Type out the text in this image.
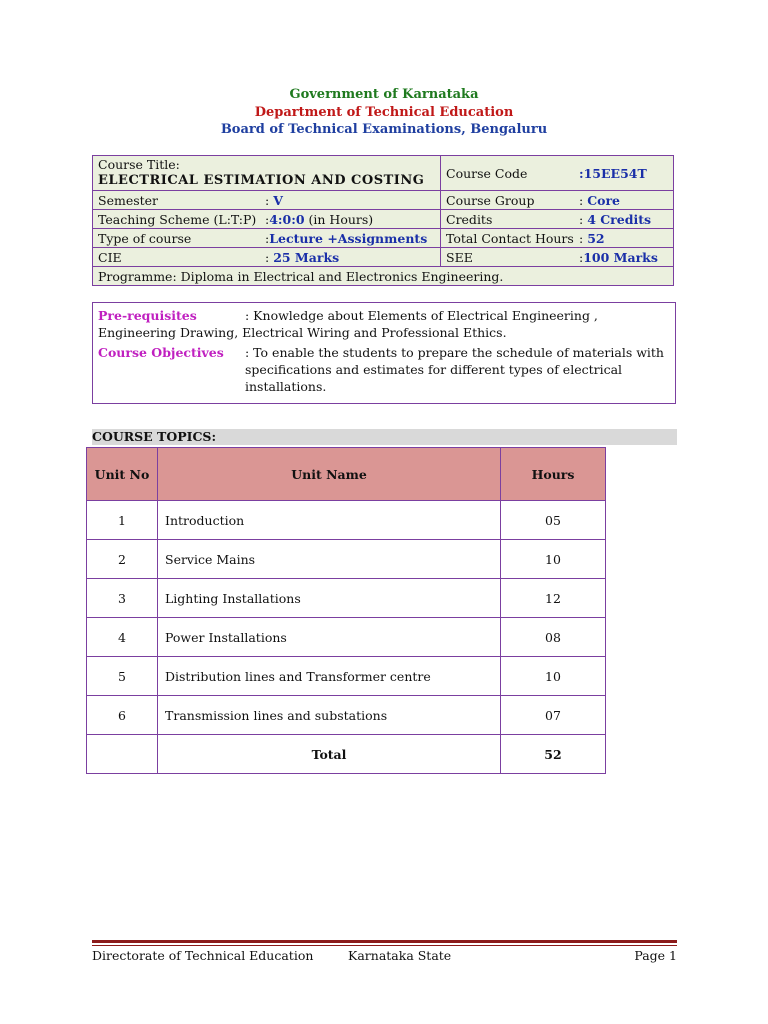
Government of Karnataka
Department of Technical Education
Board of Technical Examinations, Bengaluru
Course Title:
ELECTRICAL ESTIMATION AND COSTING	Course Code :15EE54T
Semester : V	Course Group : Core
Teaching Scheme (L:T:P) :4:0:0 (in Hours)	Credits : 4 Credits
Type of course :Lecture +Assignments	Total Contact Hours : 52
CIE : 25 Marks	SEE :100 Marks
Programme: Diploma in Electrical and Electronics Engineering.	
Pre-requisites	: Knowledge about Elements of Electrical Engineering ,
Engineering Drawing, Electrical Wiring and Professional Ethics.
Course Objectives : To enable the students to prepare the schedule of materials with
specifications and estimates for different types of electrical
installations.
COURSE TOPICS:
Unit No	Unit Name	Hours
1	Introduction	05
2	Service Mains	10
3	Lighting Installations	12
4	Power Installations	08
5	Distribution lines and Transformer centre	10
6	Transmission lines and substations	07
	Total	52
Directorate of Technical Education	Karnataka State	Page 1
